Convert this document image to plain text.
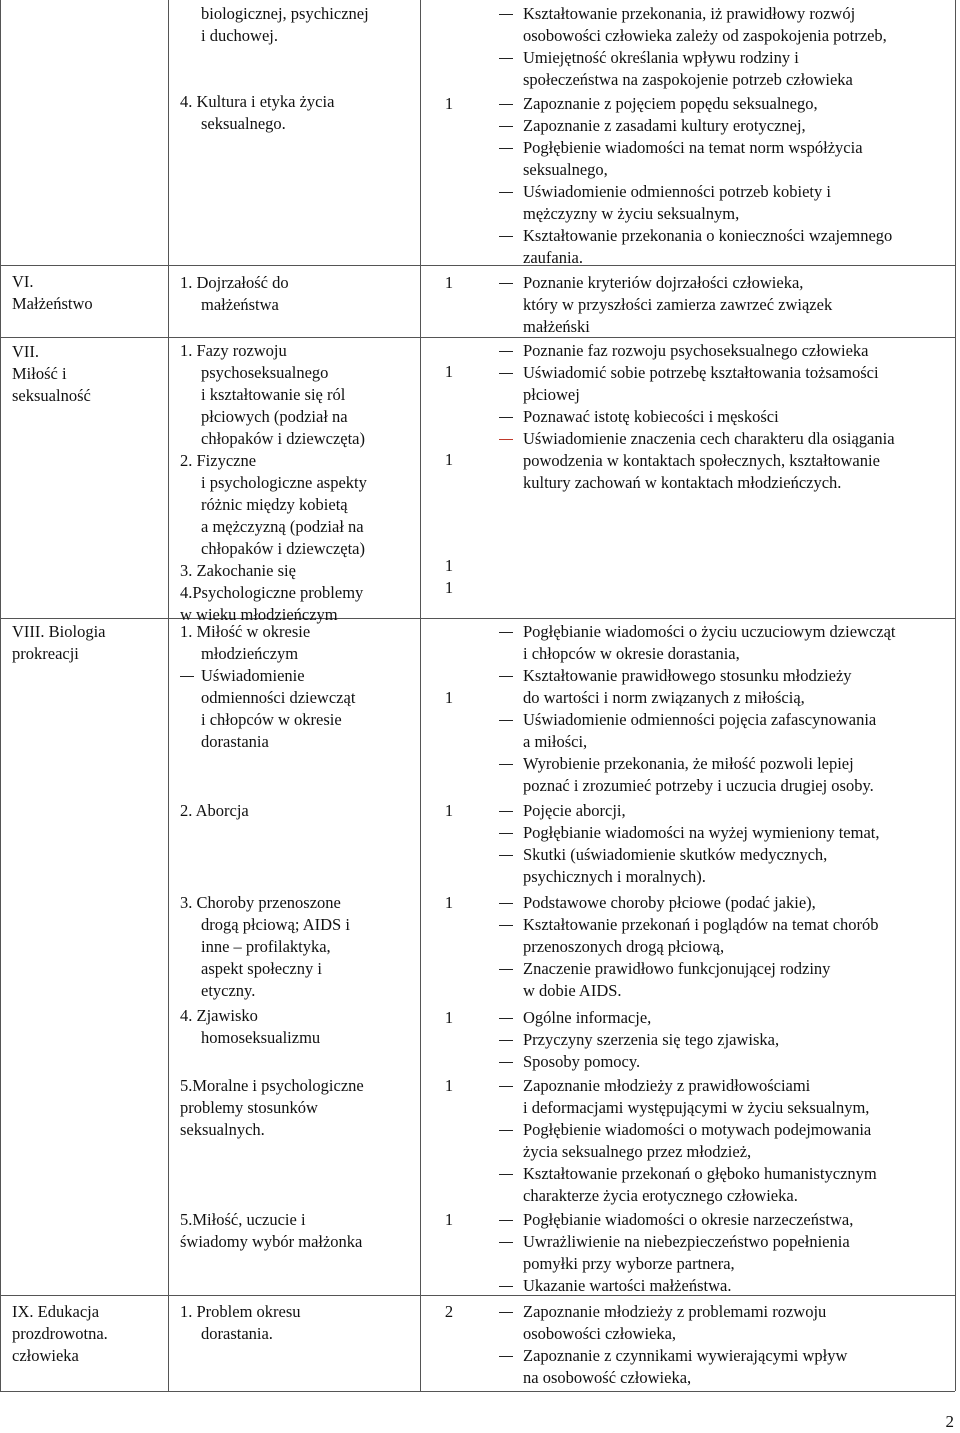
VI.
Małżeństwo
VII.
Miłość i
seksualność
VIII. Biologia
prokreacji
IX. Edukacja
prozdrowotna.
człowieka
biologicznej, psychicznej
i duchowej.
4. Kultura i etyka życia
seksualnego.
1. Dojrzałość do
małżeństwa
1. Fazy rozwoju
psychoseksualnego
i kształtowanie się ról
płciowych (podział na
chłopaków i dziewczęta)
2. Fizyczne
i psychologiczne aspekty
różnic między kobietą
a mężczyzną (podział na
chłopaków i dziewczęta)
3. Zakochanie się
4.Psychologiczne problemy
w wieku młodzieńczym
1. Miłość w okresie
młodzieńczym
Uświadomienie
odmienności dziewcząt
i chłopców w okresie
dorastania
2. Aborcja
3. Choroby przenoszone
drogą płciową; AIDS i
inne – profilaktyka,
aspekt społeczny i
etyczny.
4. Zjawisko
homoseksualizmu
5.Moralne i psychologiczne
problemy stosunków
seksualnych.
5.Miłość, uczucie i
świadomy wybór małżonka
1. Problem okresu
dorastania.
1
1
1
1
1
1
1
1
1
1
1
1
2
Kształtowanie przekonania, iż prawidłowy rozwój
osobowości człowieka zależy od zaspokojenia potrzeb,
Umiejętność określania wpływu rodziny i
społeczeństwa na zaspokojenie potrzeb człowieka
Zapoznanie z pojęciem popędu seksualnego,
Zapoznanie z zasadami kultury erotycznej,
Pogłębienie wiadomości na temat norm współżycia
seksualnego,
Uświadomienie odmienności potrzeb kobiety i
mężczyzny w życiu seksualnym,
Kształtowanie przekonania o konieczności wzajemnego
zaufania.
Poznanie kryteriów dojrzałości człowieka,
który w przyszłości zamierza zawrzeć związek
małżeński
Poznanie faz rozwoju psychoseksualnego człowieka
Uświadomić sobie potrzebę kształtowania tożsamości
płciowej
Poznawać istotę kobiecości i męskości
Uświadomienie znaczenia cech charakteru dla osiągania
powodzenia w kontaktach społecznych, kształtowanie
kultury zachowań w kontaktach młodzieńczych.
Pogłębianie wiadomości o życiu uczuciowym dziewcząt
i chłopców w okresie dorastania,
Kształtowanie prawidłowego stosunku młodzieży
do wartości i norm związanych z miłością,
Uświadomienie odmienności pojęcia zafascynowania
a miłości,
Wyrobienie przekonania, że miłość pozwoli lepiej
poznać i zrozumieć potrzeby i uczucia drugiej osoby.
Pojęcie aborcji,
Pogłębianie wiadomości na wyżej wymieniony temat,
Skutki (uświadomienie skutków medycznych,
psychicznych i moralnych).
Podstawowe choroby płciowe (podać jakie),
Kształtowanie przekonań i poglądów na temat chorób
przenoszonych drogą płciową,
Znaczenie prawidłowo funkcjonującej rodziny
w dobie AIDS.
Ogólne informacje,
Przyczyny szerzenia się tego zjawiska,
Sposoby pomocy.
Zapoznanie młodzieży z prawidłowościami
i deformacjami występującymi w życiu seksualnym,
Pogłębienie wiadomości o motywach podejmowania
życia seksualnego przez młodzież,
Kształtowanie przekonań o głęboko humanistycznym
charakterze życia erotycznego człowieka.
Pogłębianie wiadomości o okresie narzeczeństwa,
Uwrażliwienie na niebezpieczeństwo popełnienia
pomyłki przy wyborze partnera,
Ukazanie wartości małżeństwa.
Zapoznanie młodzieży z problemami rozwoju
osobowości człowieka,
Zapoznanie z czynnikami wywierającymi wpływ
na osobowość człowieka,
2
